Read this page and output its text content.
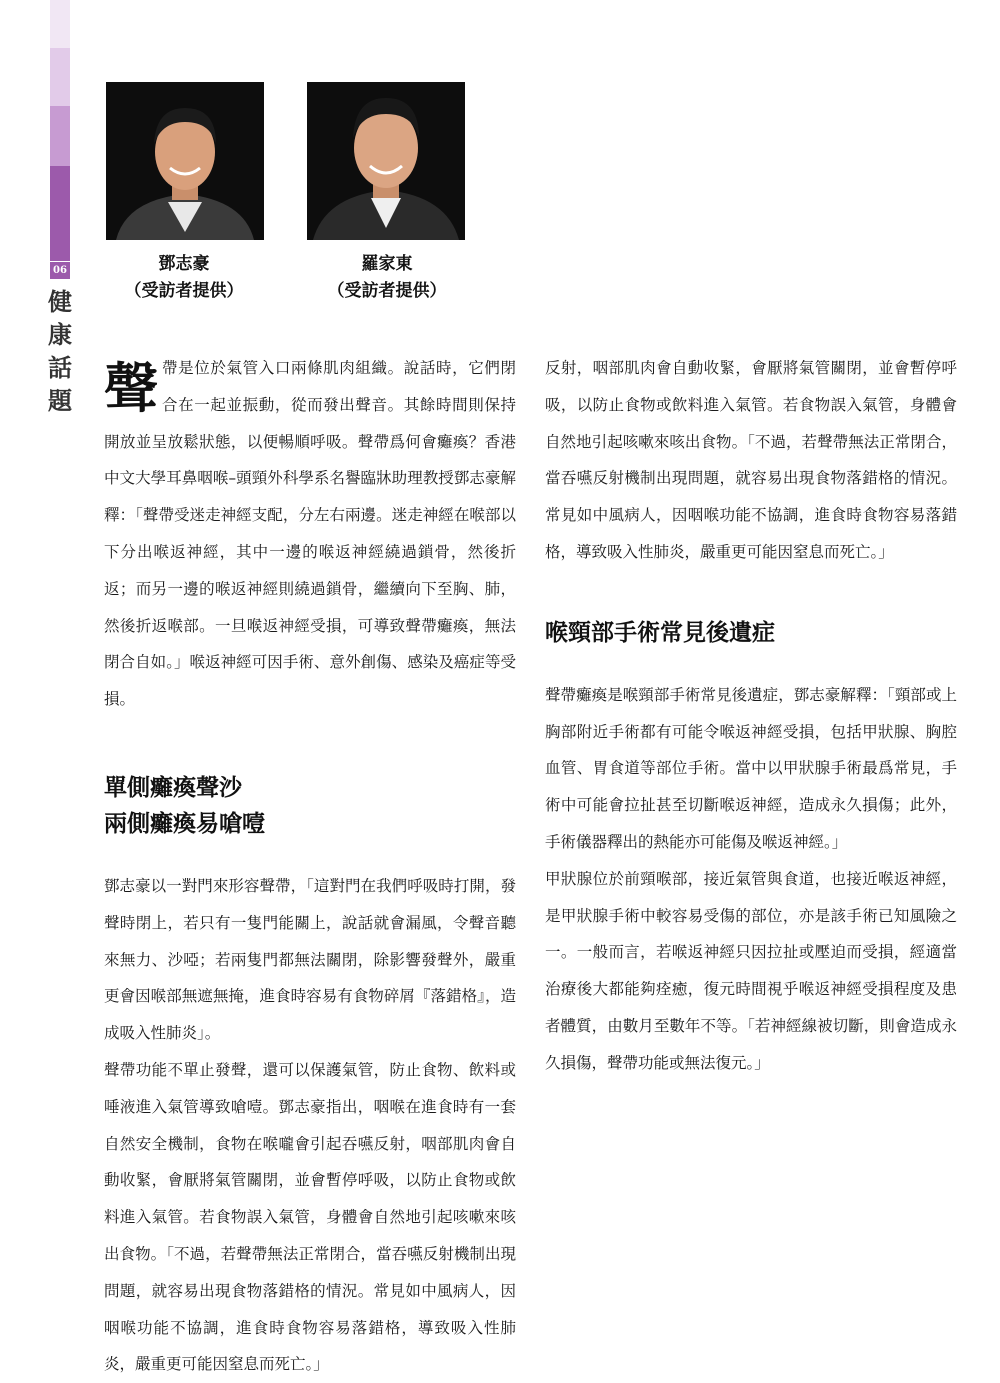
06
健康話題
鄧志豪
（受訪者提供）
羅家東
（受訪者提供）

聲帶是位於氣管入口兩條肌肉組織。說話時，它們閉合在一起並振動，從而發出聲音。其餘時間則保持開放並呈放鬆狀態，以便暢順呼吸。聲帶爲何會癱瘓？香港中文大學耳鼻咽喉–頭頸外科學系名譽臨牀助理教授鄧志豪解釋：「聲帶受迷走神經支配，分左右兩邊。迷走神經在喉部以下分出喉返神經，其中一邊的喉返神經繞過鎖骨，然後折返；而另一邊的喉返神經則繞過鎖骨，繼續向下至胸、肺，然後折返喉部。一旦喉返神經受損，可導致聲帶癱瘓，無法閉合自如。」喉返神經可因手術、意外創傷、感染及癌症等受損。

單側癱瘓聲沙
兩側癱瘓易嗆噎

鄧志豪以一對門來形容聲帶，「這對門在我們呼吸時打開，發聲時閉上，若只有一隻門能關上，說話就會漏風，令聲音聽來無力、沙啞；若兩隻門都無法關閉，除影響發聲外，嚴重更會因喉部無遮無掩，進食時容易有食物碎屑『落錯格』，造成吸入性肺炎」。

聲帶功能不單止發聲，還可以保護氣管，防止食物、飲料或唾液進入氣管導致嗆噎。鄧志豪指出，咽喉在進食時有一套自然安全機制，食物在喉嚨會引起吞嚥反射，咽部肌肉會自動收緊，會厭將氣管關閉，並會暫停呼吸，以防止食物或飲料進入氣管。若食物誤入氣管，身體會自然地引起咳嗽來咳出食物。「不過，若聲帶無法正常閉合，當吞嚥反射機制出現問題，就容易出現食物落錯格的情況。常見如中風病人，因咽喉功能不協調，進食時食物容易落錯格，導致吸入性肺炎，嚴重更可能因窒息而死亡。」

反射，咽部肌肉會自動收緊，會厭將氣管關閉，並會暫停呼吸，以防止食物或飲料進入氣管。若食物誤入氣管，身體會自然地引起咳嗽來咳出食物。「不過，若聲帶無法正常閉合，當吞嚥反射機制出現問題，就容易出現食物落錯格的情況。常見如中風病人，因咽喉功能不協調，進食時食物容易落錯格，導致吸入性肺炎，嚴重更可能因窒息而死亡。」

喉頸部手術常見後遺症

聲帶癱瘓是喉頸部手術常見後遺症，鄧志豪解釋：「頸部或上胸部附近手術都有可能令喉返神經受損，包括甲狀腺、胸腔血管、胃食道等部位手術。當中以甲狀腺手術最爲常見，手術中可能會拉扯甚至切斷喉返神經，造成永久損傷；此外，手術儀器釋出的熱能亦可能傷及喉返神經。」

甲狀腺位於前頸喉部，接近氣管與食道，也接近喉返神經，是甲狀腺手術中較容易受傷的部位，亦是該手術已知風險之一。一般而言，若喉返神經只因拉扯或壓迫而受損，經適當治療後大都能夠痊癒，復元時間視乎喉返神經受損程度及患者體質，由數月至數年不等。「若神經線被切斷，則會造成永久損傷，聲帶功能或無法復元。」
